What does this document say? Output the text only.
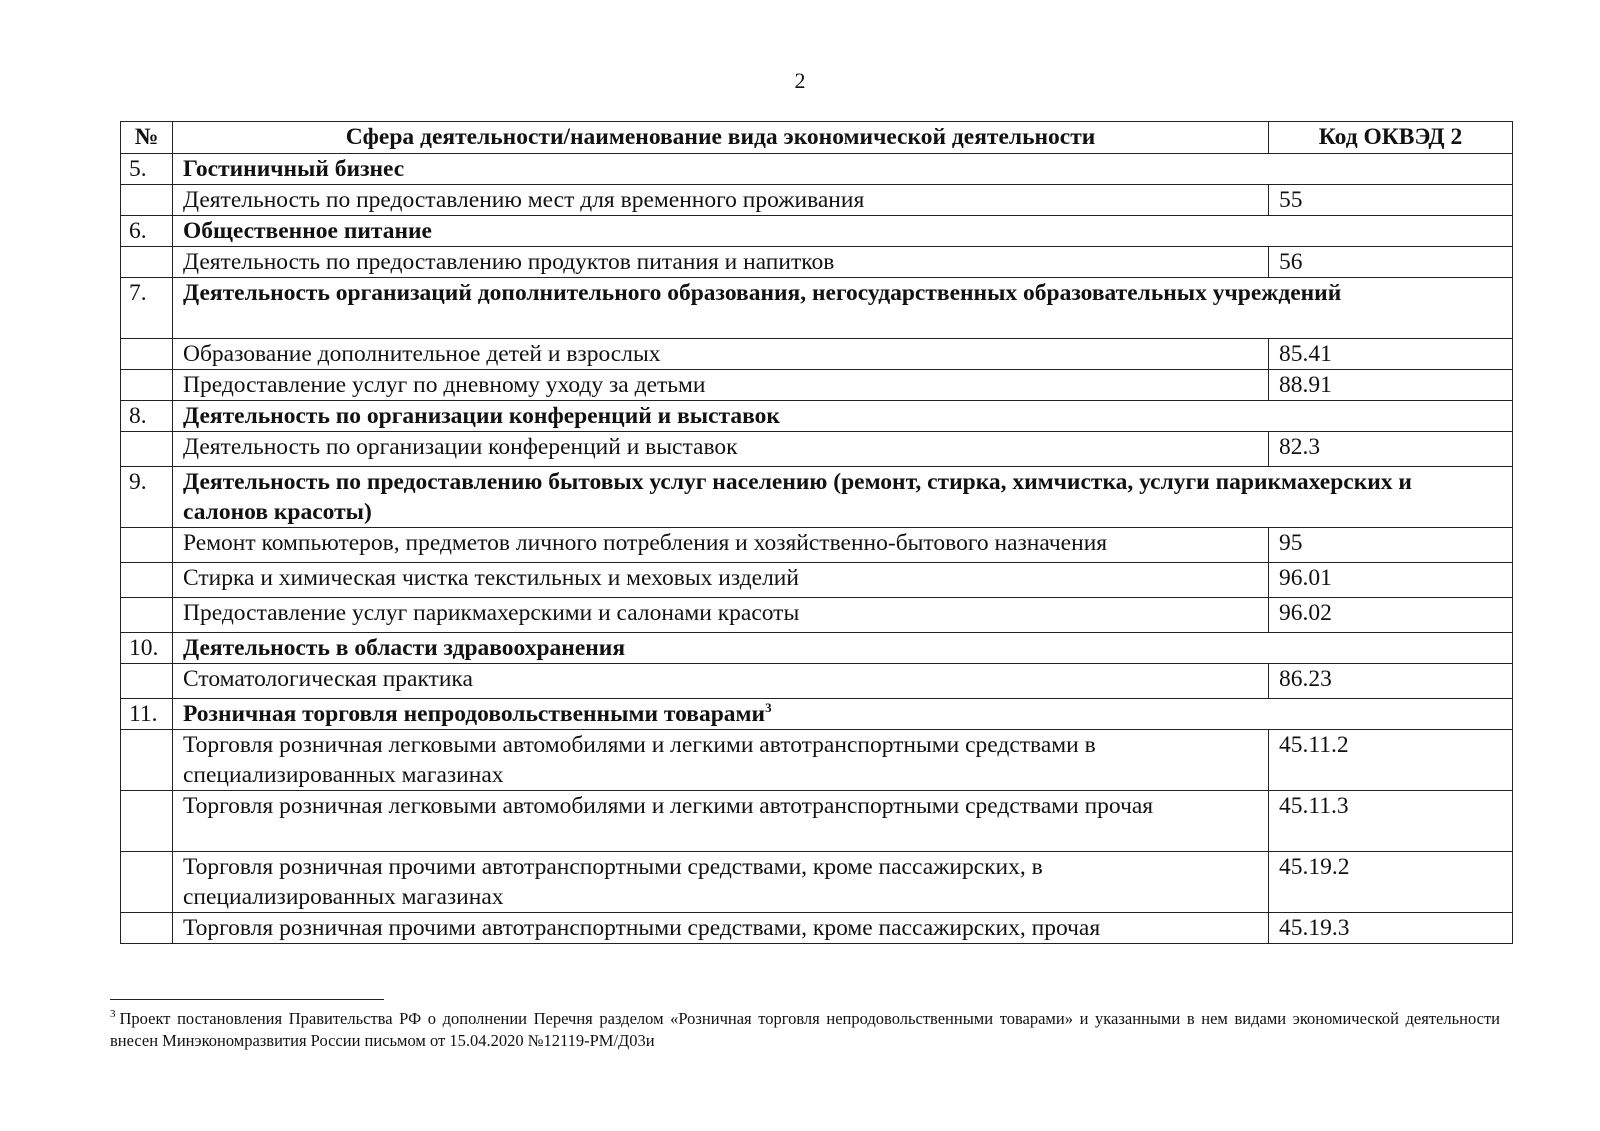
2
№	Сфера деятельности/наименование вида экономической деятельности	Код ОКВЭД 2
5.	Гостиничный бизнес	
	Деятельность по предоставлению мест для временного проживания	55
6.	Общественное питание	
	Деятельность по предоставлению продуктов питания и напитков	56
7.	Деятельность организаций дополнительного образования, негосударственных образовательных учреждений	
	Образование дополнительное детей и взрослых	85.41
	Предоставление услуг по дневному уходу за детьми	88.91
8.	Деятельность по организации конференций и выставок	
	Деятельность по организации конференций и выставок	82.3
9.	Деятельность по предоставлению бытовых услуг населению (ремонт, стирка, химчистка, услуги парикмахерских и салонов красоты)	
	Ремонт компьютеров, предметов личного потребления и хозяйственно-бытового назначения	95
	Стирка и химическая чистка текстильных и меховых изделий	96.01
	Предоставление услуг парикмахерскими и салонами красоты	96.02
10.	Деятельность в области здравоохранения	
	Стоматологическая практика	86.23
11.	Розничная торговля непродовольственными товарами$^3$
	Торговля розничная легковыми автомобилями и легкими автотранспортными средствами в специализированных магазинах	45.11.2
	Торговля розничная легковыми автомобилями и легкими автотранспортными средствами прочая	45.11.3
	Торговля розничная прочими автотранспортными средствами, кроме пассажирских, в специализированных магазинах	45.19.2
	Торговля розничная прочими автотранспортными средствами, кроме пассажирских, прочая	45.19.3
$^3$ Проект постановления Правительства РФ о дополнении Перечня разделом «Розничная торговля непродовольственными товарами» и указанными в нем видами экономической деятельности внесен Минэкономразвития России письмом от 15.04.2020 №12119-РМ/Д03и
